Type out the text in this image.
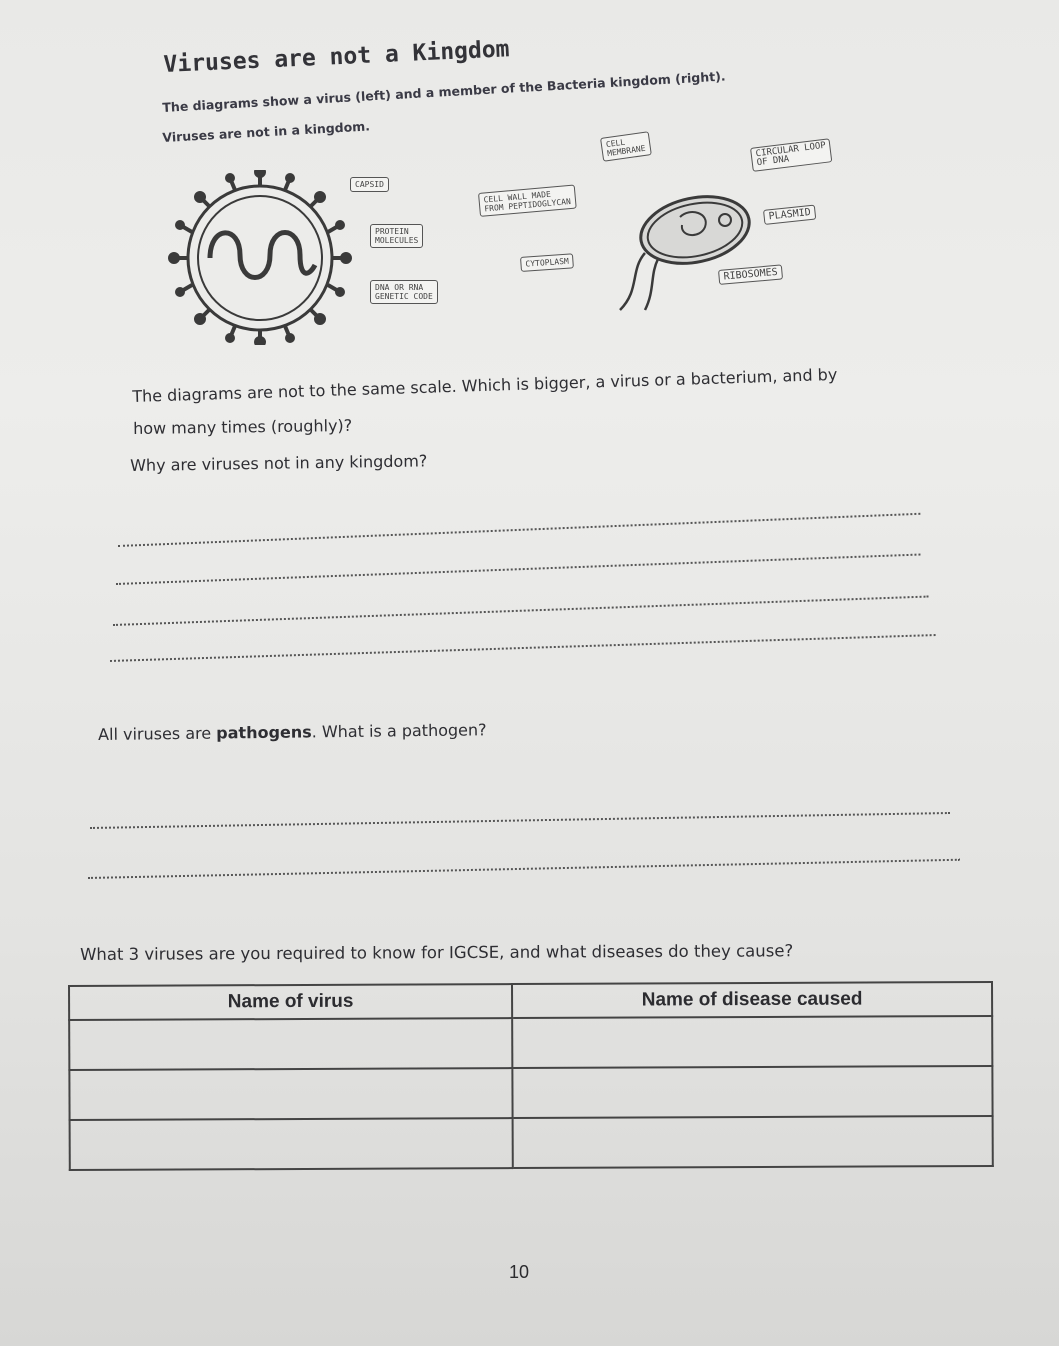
Viruses are not a Kingdom
The diagrams show a virus (left) and a member of the Bacteria kingdom (right).
Viruses are not in a kingdom.
CAPSID
PROTEIN
MOLECULES
DNA OR RNA
GENETIC CODE
CELL
MEMBRANE
CELL WALL MADE
FROM PEPTIDOGLYCAN
CYTOPLASM
CIRCULAR LOOP
OF DNA
PLASMID
RIBOSOMES
The diagrams are not to the same scale. Which is bigger, a virus or a bacterium, and by
how many times (roughly)?
Why are viruses not in any kingdom?
All viruses are pathogens. What is a pathogen?
What 3 viruses are you required to know for IGCSE, and what diseases do they cause?
Name of virus	Name of disease caused

10
